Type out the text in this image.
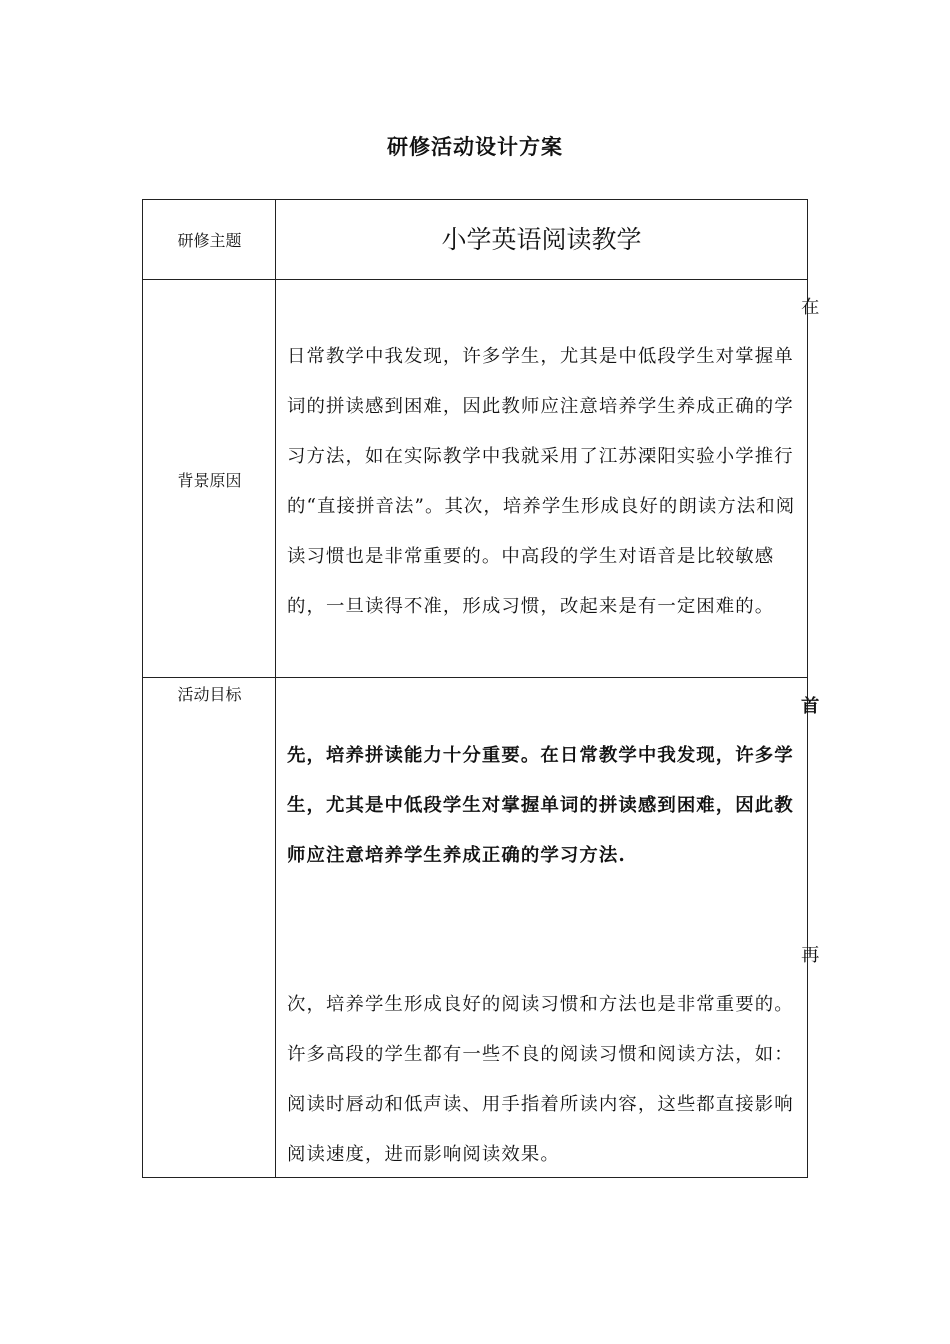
研修活动设计方案
研修主题	小学英语阅读教学
背景原因
在

日常教学中我发现，许多学生，尤其是中低段学生对掌握单词的拼读感到困难，因此教师应注意培养学生养成正确的学习方法，如在实际教学中我就采用了江苏溧阳实验小学推行的“直接拼音法”。其次，培养学生形成良好的朗读方法和阅读习惯也是非常重要的。中高段的学生对语音是比较敏感的，一旦读得不准，形成习惯，改起来是有一定困难的。

活动目标
首

先，培养拼读能力十分重要。在日常教学中我发现，许多学生，尤其是中低段学生对掌握单词的拼读感到困难，因此教师应注意培养学生养成正确的学习方法.

再

次，培养学生形成良好的阅读习惯和方法也是非常重要的。许多高段的学生都有一些不良的阅读习惯和阅读方法，如：阅读时唇动和低声读、用手指着所读内容，这些都直接影响阅读速度，进而影响阅读效果。
